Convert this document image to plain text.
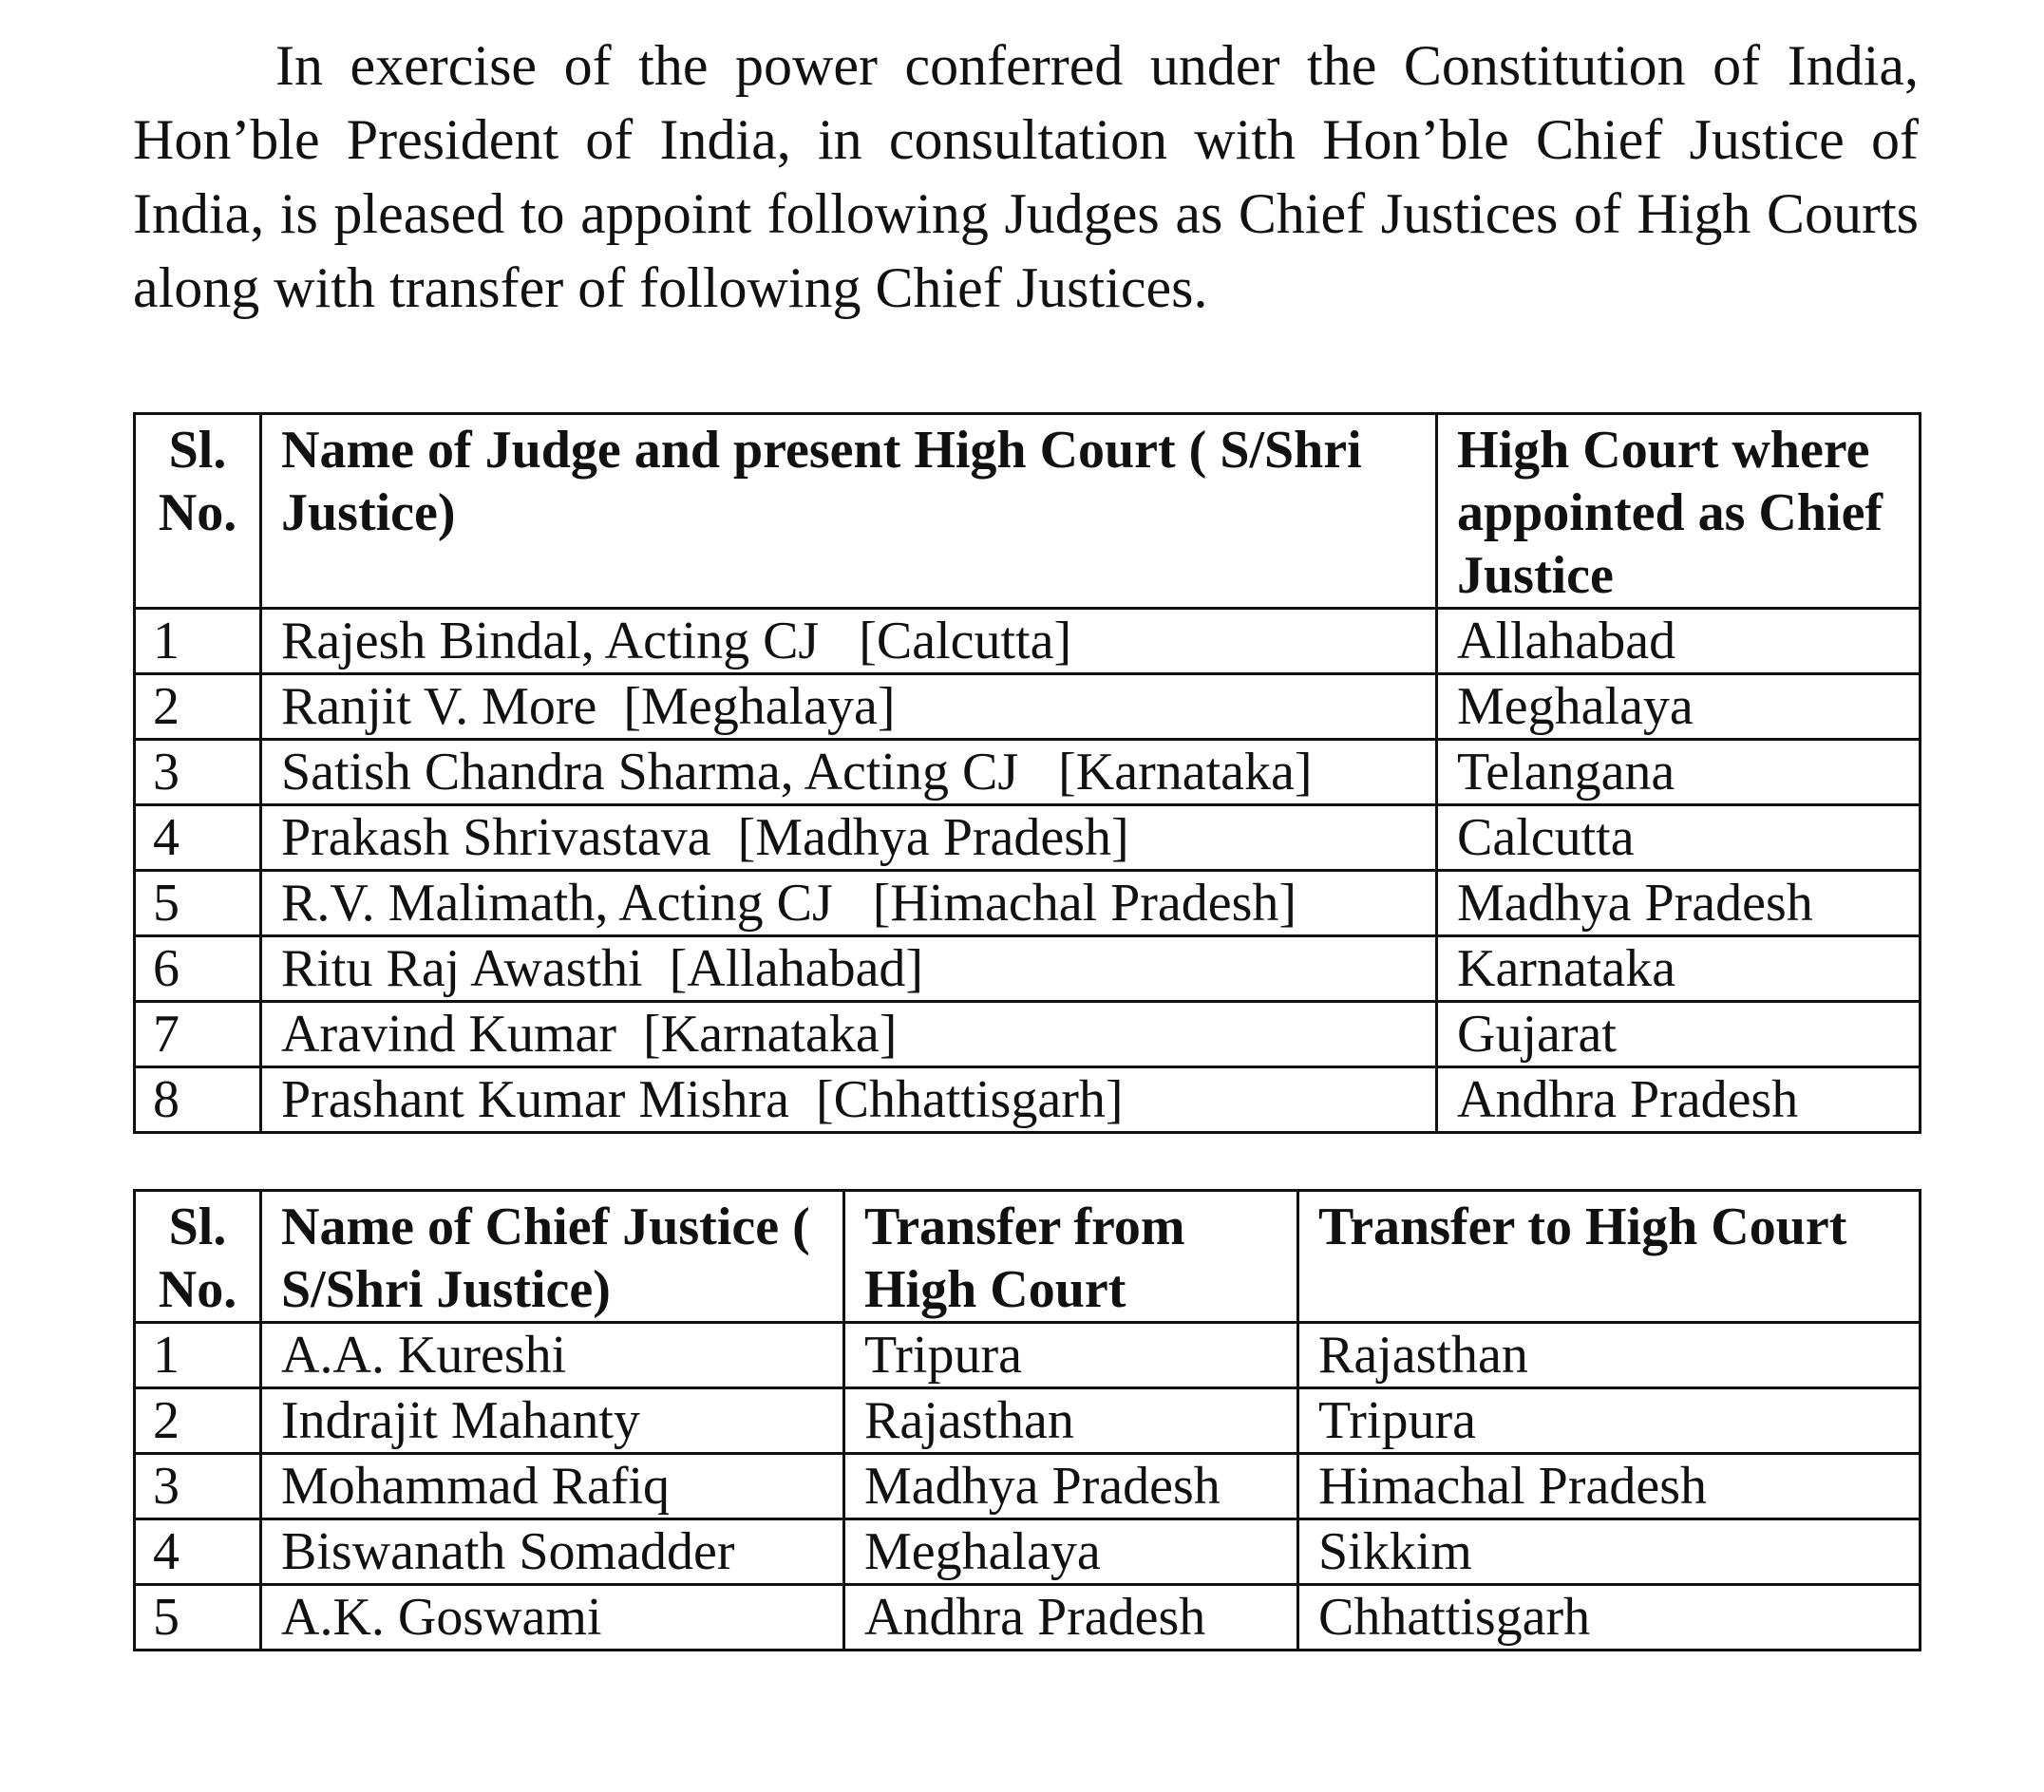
In exercise of the power conferred under the Constitution of India, Hon’ble President of India, in consultation with Hon’ble Chief Justice of India, is pleased to appoint following Judges as Chief Justices of High Courts along with transfer of following Chief Justices.

Sl. No.	Name of Judge and present High Court ( S/Shri Justice)	High Court where appointed as Chief Justice
1	Rajesh Bindal, Acting CJ   [Calcutta]	Allahabad
2	Ranjit V. More  [Meghalaya]	Meghalaya
3	Satish Chandra Sharma, Acting CJ   [Karnataka]	Telangana
4	Prakash Shrivastava  [Madhya Pradesh]	Calcutta
5	R.V. Malimath, Acting CJ   [Himachal Pradesh]	Madhya Pradesh
6	Ritu Raj Awasthi  [Allahabad]	Karnataka
7	Aravind Kumar  [Karnataka]	Gujarat
8	Prashant Kumar Mishra  [Chhattisgarh]	Andhra Pradesh
Sl. No.	Name of Chief Justice ( S/Shri Justice)	Transfer from High Court	Transfer to High Court
1	A.A. Kureshi	Tripura	Rajasthan
2	Indrajit Mahanty	Rajasthan	Tripura
3	Mohammad Rafiq	Madhya Pradesh	Himachal Pradesh
4	Biswanath Somadder	Meghalaya	Sikkim
5	A.K. Goswami	Andhra Pradesh	Chhattisgarh
